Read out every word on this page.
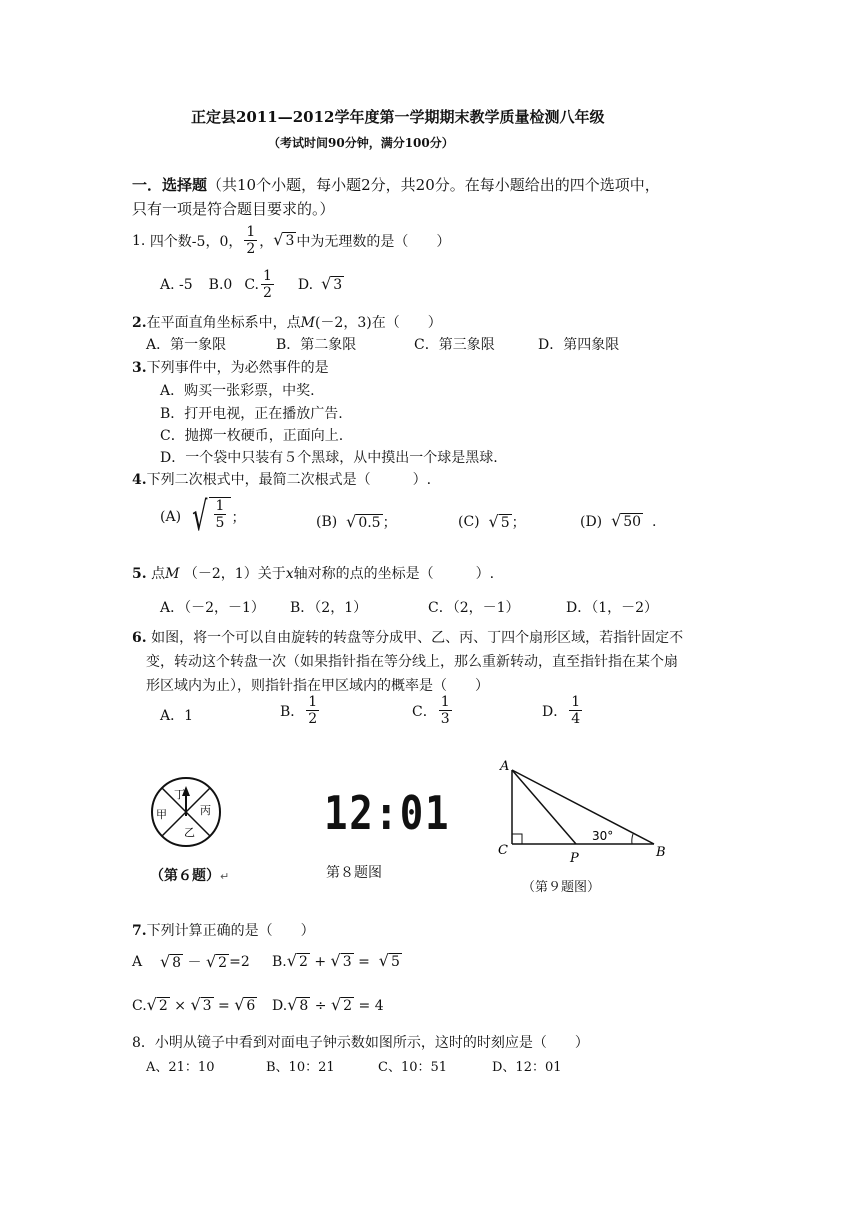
正定县2011—2012学年度第一学期期末教学质量检测八年级
（考试时间90分钟，满分100分）
一．选择题（共10个小题，每小题2分，共20分。在每小题给出的四个选项中，
只有一项是符合题目要求的。）
1.
四个数-5，0， $\frac{1}{2}$ ， √ 3 中为无理数的是（　　）
A. -5 B.0 C. $\frac{1}{2} D$. √ 3
2.在平面直角坐标系中，点M(－2，3)在（　　）
A．第一象限	B．第二象限	C．第三象限	D．第四象限
3.下列事件中，为必然事件的是
A．购买一张彩票，中奖.
B．打开电视，正在播放广告.
C．抛掷一枚硬币，正面向上.
D．一个袋中只装有５个黑球，从中摸出一个球是黑球.
4.下列二次根式中，最简二次根式是（　　　）.
(A) √ $\frac{1}{5}$ ；	(B)
√ 0.5 ；	(C)
√ 5 ；	(D)
√ 50
.
5. 点M （－2，1）关于x轴对称的点的坐标是（　　　）.
A．（－2，－1） B．（2，1）	C．（2，－1）	D．（1，－2）
6. 如图，将一个可以自由旋转的转盘等分成甲、乙、丙、丁四个扇形区域，若指针固定不
变，转动这个转盘一次（如果指针指在等分线上，那么重新转动，直至指针指在某个扇
形区域内为止），则指针指在甲区域内的概率是（　　）
A．1	B． $\frac{1}{2}$	C． $\frac{1}{3}$	D． $\frac{1}{4}$
丁
丙
甲
乙
（第６题）↵
12:01
第８题图
A
C
P	B
30°
（第９题图）
7.下列计算正确的是（　　）
A
√ 8
－
√ 2 =2 B. √ 2
+
√ 3
=
√ 5
C. √ 2
×
√ 3
=
√ 6 D. √ 8
÷
√ 2
= 4
8．小明从镜子中看到对面电子钟示数如图所示，这时的时刻应是（　　）
A、21：10	B、10：21	C、10：51	D、12：01
